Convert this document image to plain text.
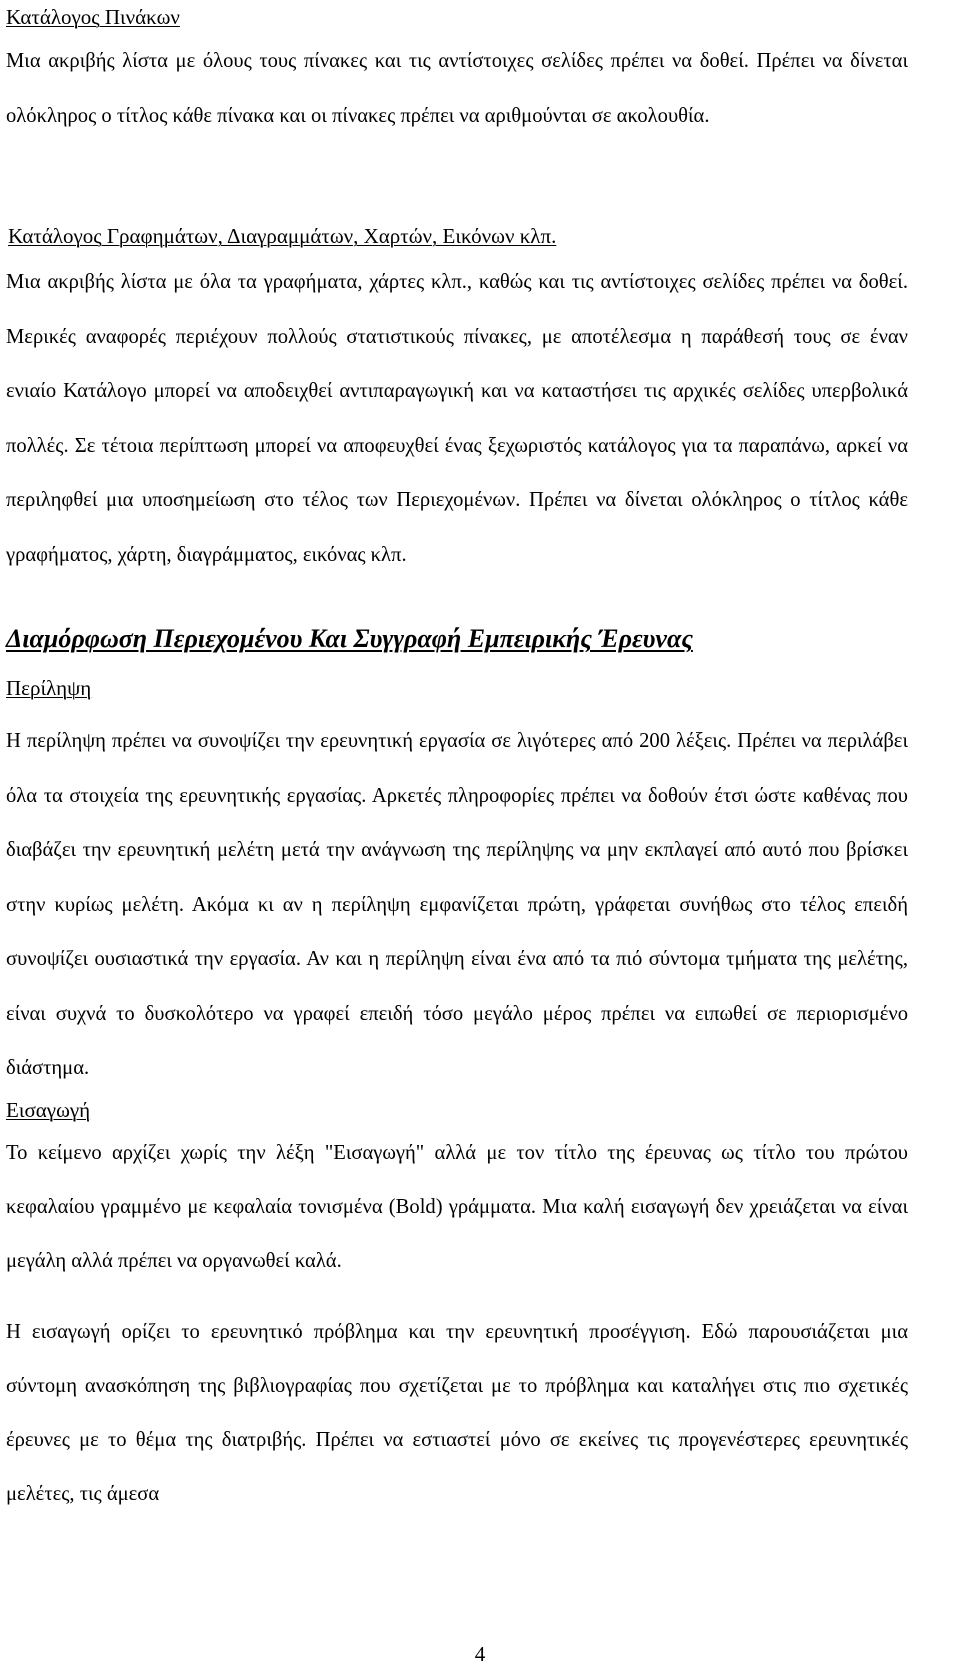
Κατάλογος Πινάκων
Μια ακριβής λίστα με όλους τους πίνακες και τις αντίστοιχες σελίδες πρέπει να δοθεί. Πρέπει να δίνεται ολόκληρος ο τίτλος κάθε πίνακα και οι πίνακες πρέπει να αριθμούνται σε ακολουθία.
Κατάλογος Γραφημάτων, Διαγραμμάτων, Χαρτών, Εικόνων κλπ.
Μια ακριβής λίστα με όλα τα γραφήματα, χάρτες κλπ., καθώς και τις αντίστοιχες σελίδες πρέπει να δοθεί. Μερικές αναφορές περιέχουν πολλούς στατιστικούς πίνακες, με αποτέλεσμα η παράθεσή τους σε έναν ενιαίο Κατάλογο μπορεί να αποδειχθεί αντιπαραγωγική και να καταστήσει τις αρχικές σελίδες υπερβολικά πολλές. Σε τέτοια περίπτωση μπορεί να αποφευχθεί ένας ξεχωριστός κατάλογος για τα παραπάνω, αρκεί να περιληφθεί μια υποσημείωση στο τέλος των Περιεχομένων. Πρέπει να δίνεται ολόκληρος ο τίτλος κάθε γραφήματος, χάρτη, διαγράμματος, εικόνας κλπ.
Διαμόρφωση Περιεχομένου Και Συγγραφή Εμπειρικής Έρευνας
Περίληψη
Η περίληψη πρέπει να συνοψίζει την ερευνητική εργασία σε λιγότερες από 200 λέξεις. Πρέπει να περιλάβει όλα τα στοιχεία της ερευνητικής εργασίας. Αρκετές πληροφορίες πρέπει να δοθούν έτσι ώστε καθένας που διαβάζει την ερευνητική μελέτη μετά την ανάγνωση της περίληψης να μην εκπλαγεί από αυτό που βρίσκει στην κυρίως μελέτη. Ακόμα κι αν η περίληψη εμφανίζεται πρώτη, γράφεται συνήθως στο τέλος επειδή συνοψίζει ουσιαστικά την εργασία. Αν και η περίληψη είναι ένα από τα πιό σύντομα τμήματα της μελέτης, είναι συχνά το δυσκολότερο να γραφεί επειδή τόσο μεγάλο μέρος πρέπει να ειπωθεί σε περιορισμένο διάστημα.
Εισαγωγή
Το κείμενο αρχίζει χωρίς την λέξη "Εισαγωγή" αλλά με τον τίτλο της έρευνας ως τίτλο του πρώτου κεφαλαίου γραμμένο με κεφαλαία τονισμένα (Bold) γράμματα. Μια καλή εισαγωγή δεν χρειάζεται να είναι μεγάλη αλλά πρέπει να οργανωθεί καλά.
Η εισαγωγή ορίζει το ερευνητικό πρόβλημα και την ερευνητική προσέγγιση. Εδώ παρουσιάζεται μια σύντομη ανασκόπηση της βιβλιογραφίας που σχετίζεται με το πρόβλημα και καταλήγει στις πιο σχετικές έρευνες με το θέμα της διατριβής. Πρέπει να εστιαστεί μόνο σε εκείνες τις προγενέστερες ερευνητικές μελέτες, τις άμεσα
4
